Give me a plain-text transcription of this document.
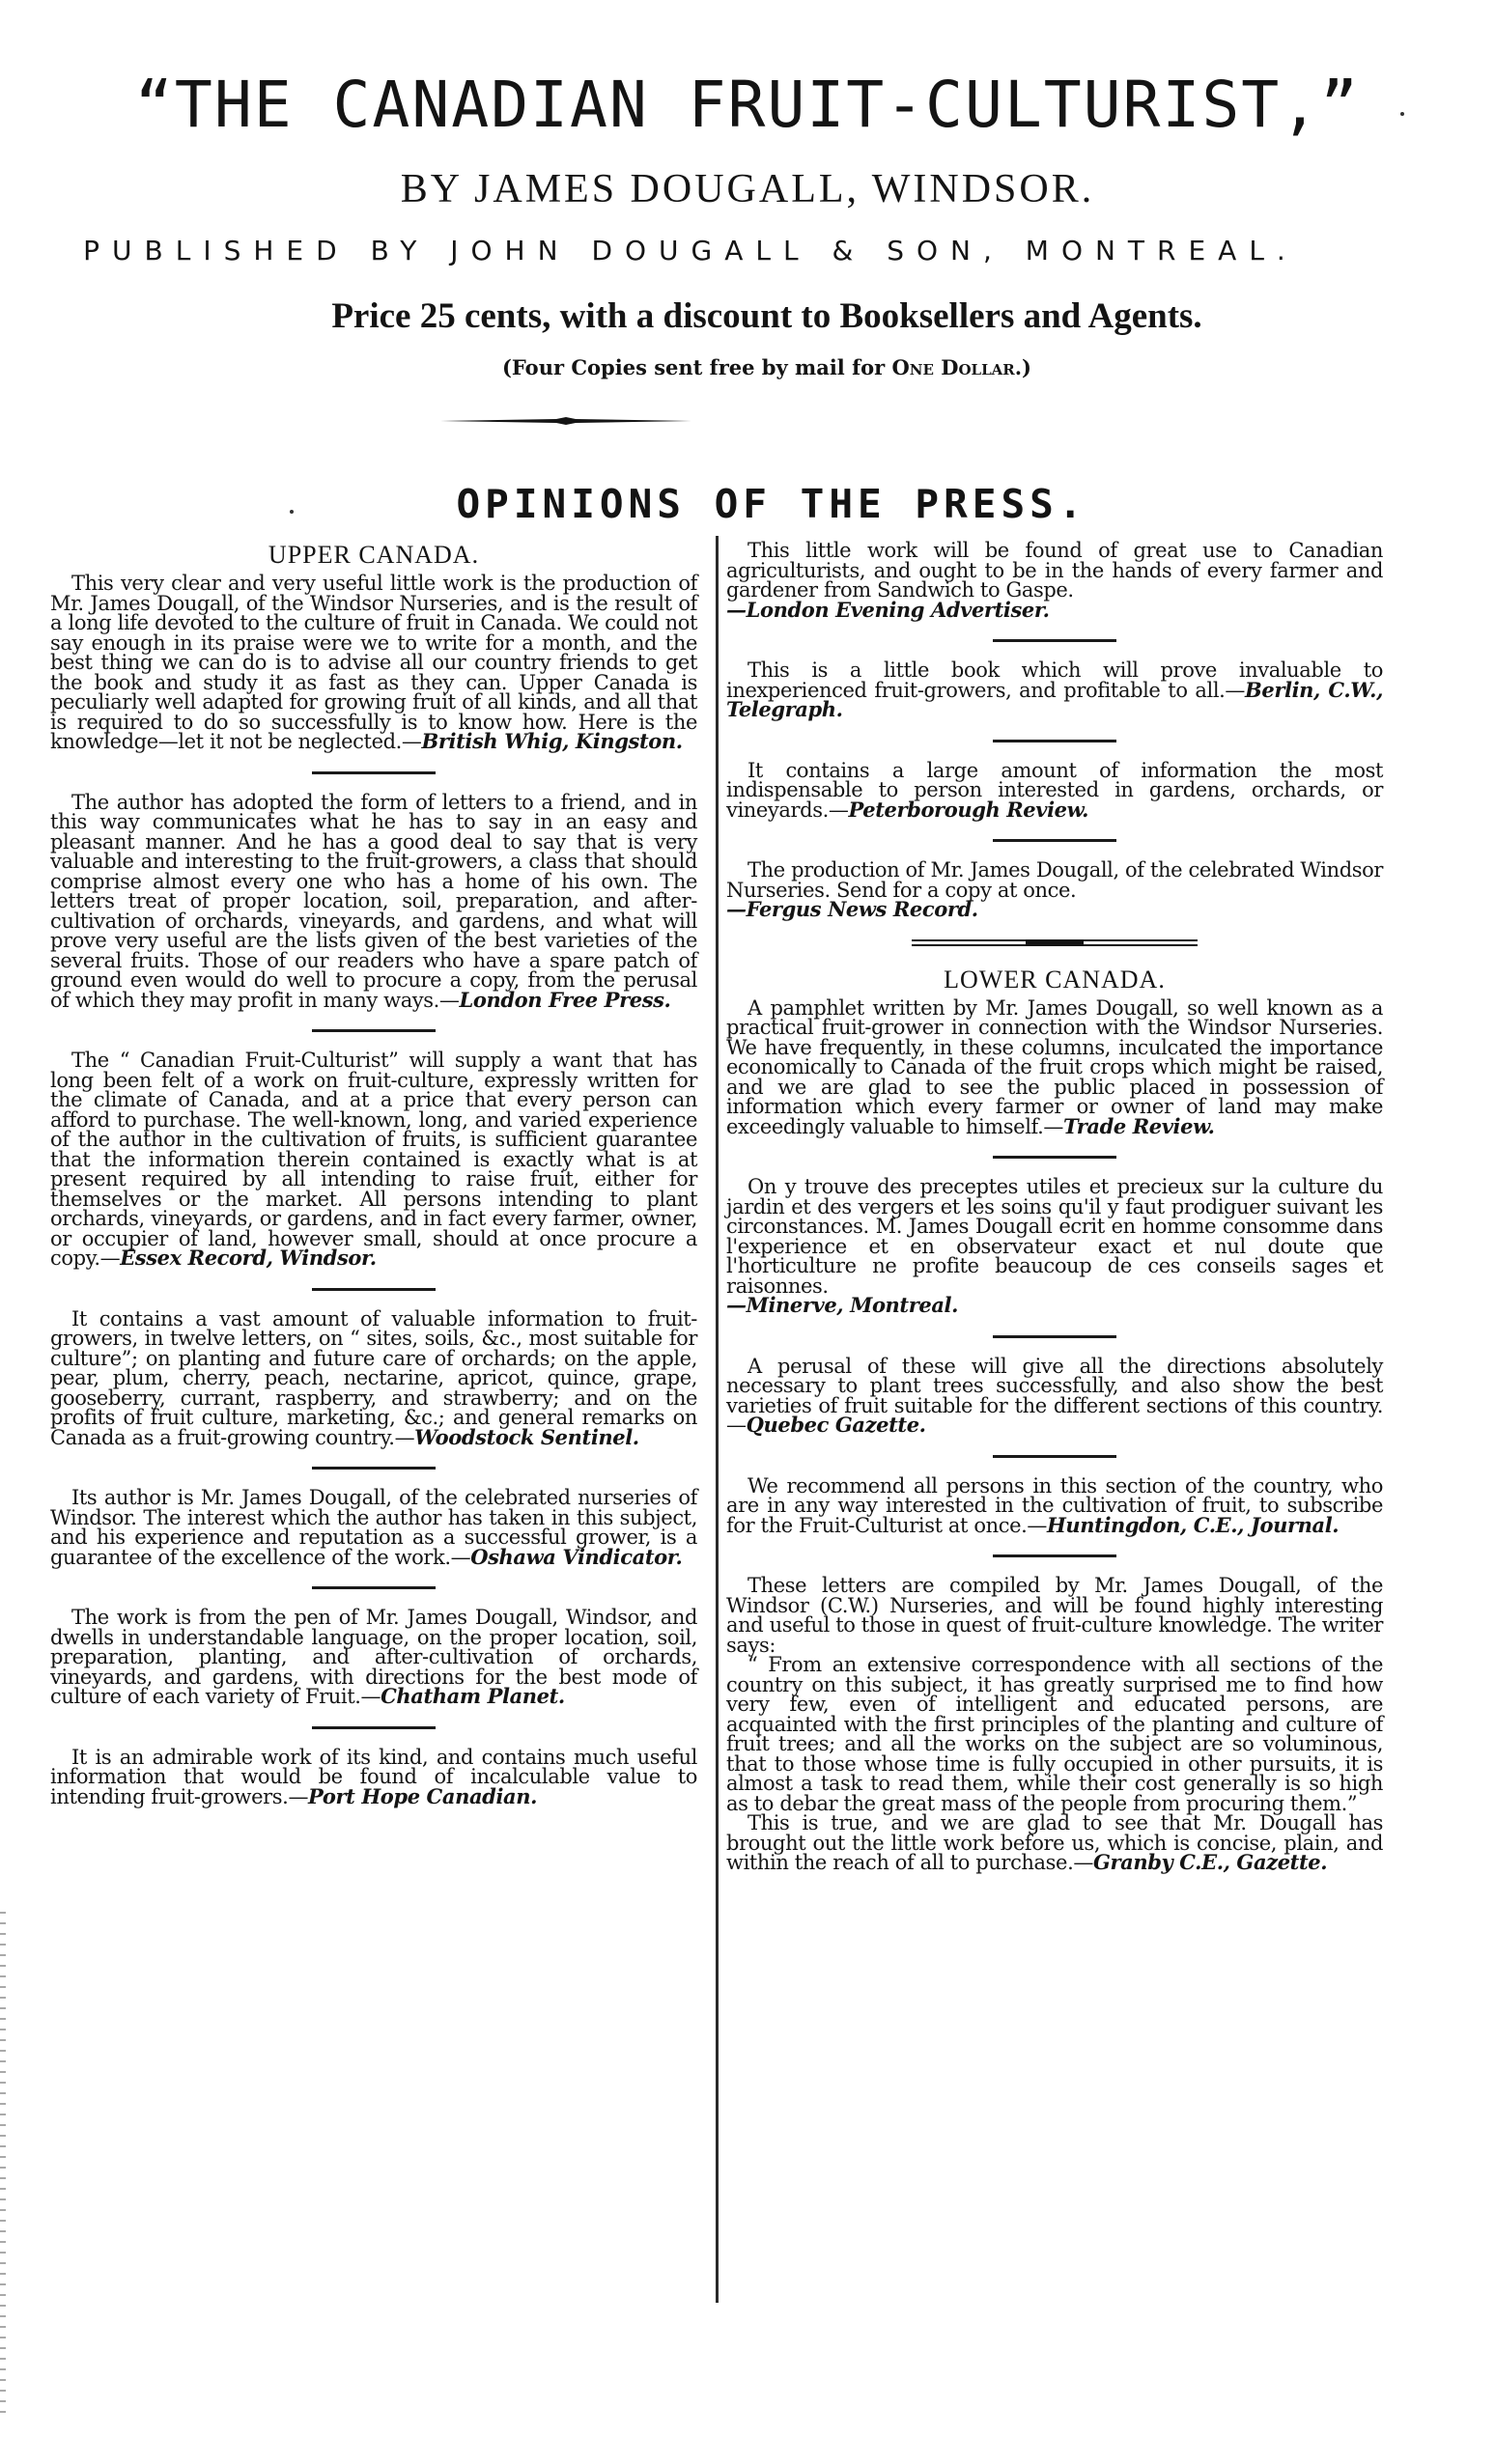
“THE CANADIAN FRUIT-CULTURIST,”
BY JAMES DOUGALL, WINDSOR.
PUBLISHED BY JOHN DOUGALL & SON, MONTREAL.
Price 25 cents, with a discount to Booksellers and Agents.
(Four Copies sent free by mail for One Dollar.)
OPINIONS OF THE PRESS.
UPPER CANADA.

This very clear and very useful little work is the production of Mr. James Dougall, of the Windsor Nurseries, and is the result of a long life devoted to the culture of fruit in Canada. We could not say enough in its praise were we to write for a month, and the best thing we can do is to advise all our country friends to get the book and study it as fast as they can. Upper Canada is peculiarly well adapted for growing fruit of all kinds, and all that is required to do so successfully is to know how. Here is the knowledge—let it not be neglected.—British Whig, Kingston.

The author has adopted the form of letters to a friend, and in this way communicates what he has to say in an easy and pleasant manner. And he has a good deal to say that is very valuable and interesting to the fruit-growers, a class that should comprise almost every one who has a home of his own. The letters treat of proper location, soil, preparation, and after-cultivation of orchards, vineyards, and gardens, and what will prove very useful are the lists given of the best varieties of the several fruits. Those of our readers who have a spare patch of ground even would do well to procure a copy, from the perusal of which they may profit in many ways.—London Free Press.

The “ Canadian Fruit-Culturist” will supply a want that has long been felt of a work on fruit-culture, expressly written for the climate of Canada, and at a price that every person can afford to purchase. The well-known, long, and varied experience of the author in the cultivation of fruits, is sufficient guarantee that the information therein contained is exactly what is at present required by all intending to raise fruit, either for themselves or the market. All persons intending to plant orchards, vineyards, or gardens, and in fact every farmer, owner, or occupier of land, however small, should at once procure a copy.—Essex Record, Windsor.

It contains a vast amount of valuable information to fruit-growers, in twelve letters, on “ sites, soils, &c., most suitable for culture”; on planting and future care of orchards; on the apple, pear, plum, cherry, peach, nectarine, apricot, quince, grape, gooseberry, currant, raspberry, and strawberry; and on the profits of fruit culture, marketing, &c.; and general remarks on Canada as a fruit-growing country.—Woodstock Sentinel.

Its author is Mr. James Dougall, of the celebrated nurseries of Windsor. The interest which the author has taken in this subject, and his experience and reputation as a successful grower, is a guarantee of the excellence of the work.—Oshawa Vindicator.

The work is from the pen of Mr. James Dougall, Windsor, and dwells in understandable language, on the proper location, soil, preparation, planting, and after-cultivation of orchards, vineyards, and gardens, with directions for the best mode of culture of each variety of Fruit.—Chatham Planet.

It is an admirable work of its kind, and contains much useful information that would be found of incalculable value to intending fruit-growers.—Port Hope Canadian.

This little work will be found of great use to Canadian agriculturists, and ought to be in the hands of every farmer and gardener from Sandwich to Gaspe.
—London Evening Advertiser.

This is a little book which will prove invaluable to inexperienced fruit-growers, and profitable to all.—Berlin, C.W., Telegraph.

It contains a large amount of information the most indispensable to person interested in gardens, orchards, or vineyards.—Peterborough Review.

The production of Mr. James Dougall, of the celebrated Windsor Nurseries. Send for a copy at once.
—Fergus News Record.

LOWER CANADA.

A pamphlet written by Mr. James Dougall, so well known as a practical fruit-grower in connection with the Windsor Nurseries. We have frequently, in these columns, inculcated the importance economically to Canada of the fruit crops which might be raised, and we are glad to see the public placed in possession of information which every farmer or owner of land may make exceedingly valuable to himself.—Trade Review.

On y trouve des preceptes utiles et precieux sur la culture du jardin et des vergers et les soins qu'il y faut prodiguer suivant les circonstances. M. James Dougall ecrit en homme consomme dans l'experience et en observateur exact et nul doute que l'horticulture ne profite beaucoup de ces conseils sages et raisonnes.
—Minerve, Montreal.

A perusal of these will give all the directions absolutely necessary to plant trees successfully, and also show the best varieties of fruit suitable for the different sections of this country.—Quebec Gazette.

We recommend all persons in this section of the country, who are in any way interested in the cultivation of fruit, to subscribe for the Fruit-Culturist at once.—Huntingdon, C.E., Journal.

These letters are compiled by Mr. James Dougall, of the Windsor (C.W.) Nurseries, and will be found highly interesting and useful to those in quest of fruit-culture knowledge. The writer says:

“ From an extensive correspondence with all sections of the country on this subject, it has greatly surprised me to find how very few, even of intelligent and educated persons, are acquainted with the first principles of the planting and culture of fruit trees; and all the works on the subject are so voluminous, that to those whose time is fully occupied in other pursuits, it is almost a task to read them, while their cost generally is so high as to debar the great mass of the people from procuring them.”

This is true, and we are glad to see that Mr. Dougall has brought out the little work before us, which is concise, plain, and within the reach of all to purchase.—Granby C.E., Gazette.
